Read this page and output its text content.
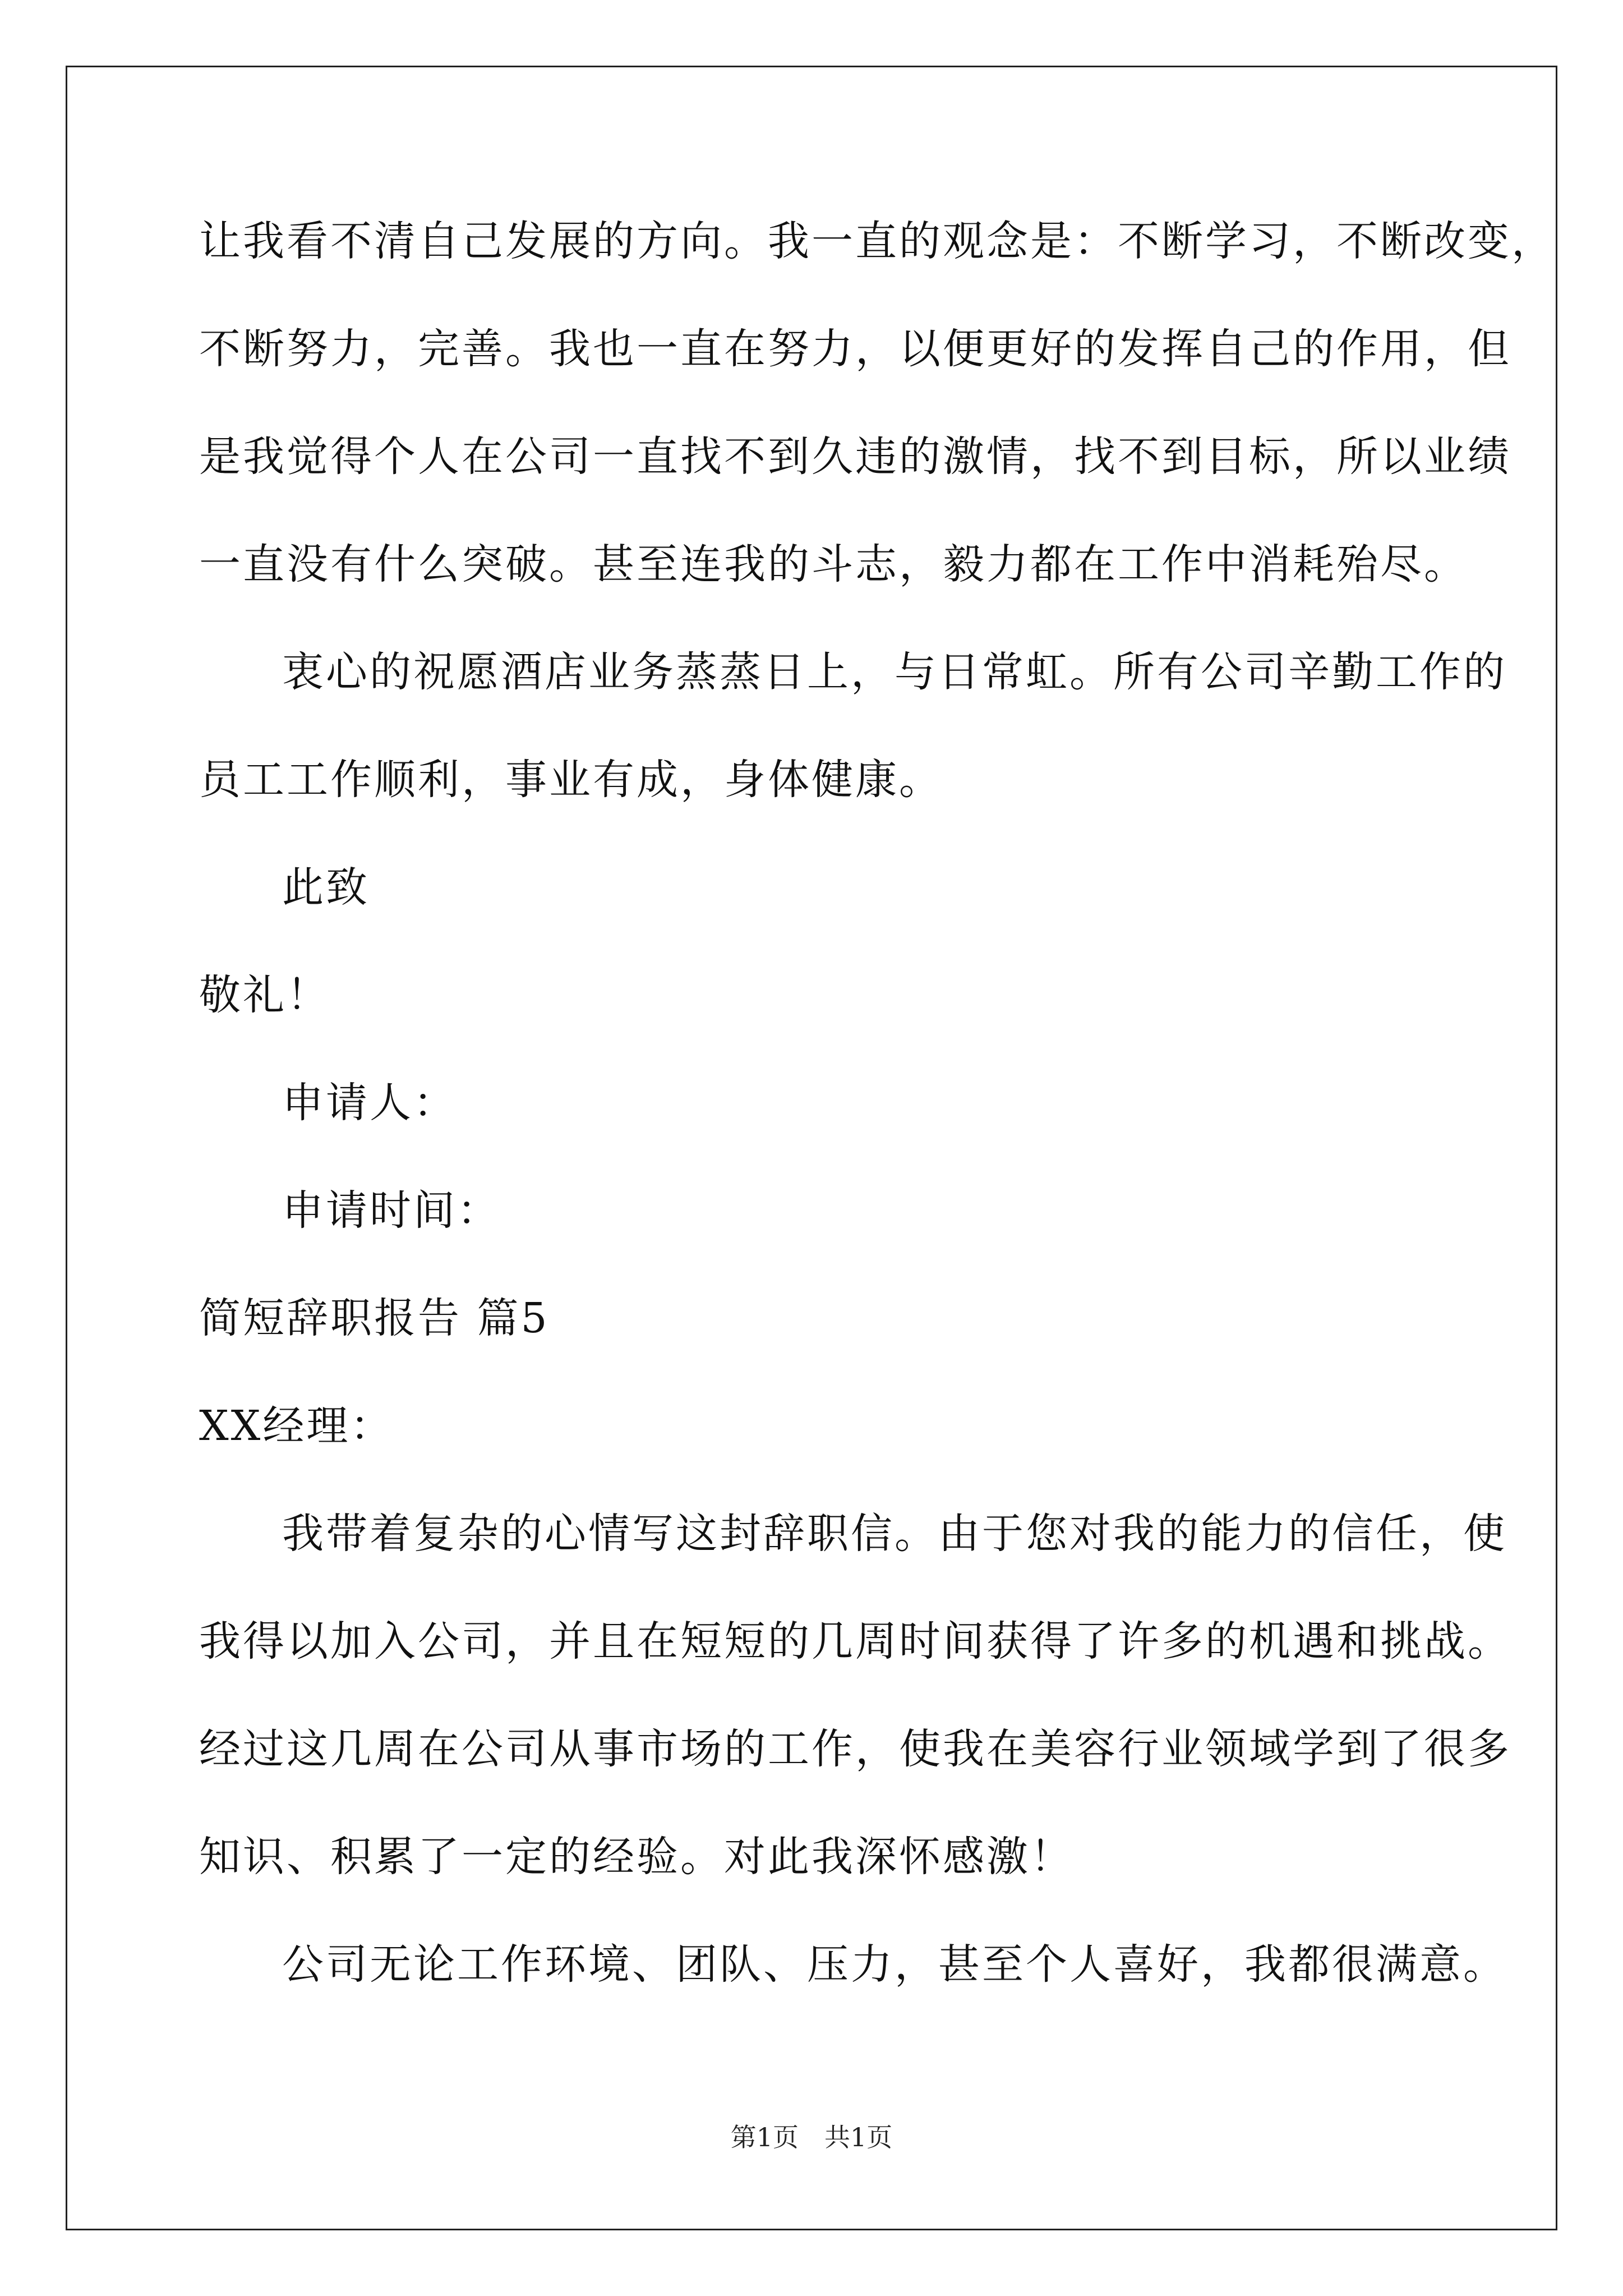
让我看不清自己发展的方向。我一直的观念是：不断学习，不断改变，
不断努力，完善。我也一直在努力，以便更好的发挥自己的作用，但
是我觉得个人在公司一直找不到久违的激情，找不到目标，所以业绩
一直没有什么突破。甚至连我的斗志，毅力都在工作中消耗殆尽。
衷心的祝愿酒店业务蒸蒸日上，与日常虹。所有公司辛勤工作的
员工工作顺利，事业有成，身体健康。
此致
敬礼！
申请人：
申请时间：
简短辞职报告 篇5
XX经理：
我带着复杂的心情写这封辞职信。由于您对我的能力的信任，使
我得以加入公司，并且在短短的几周时间获得了许多的机遇和挑战。
经过这几周在公司从事市场的工作，使我在美容行业领域学到了很多
知识、积累了一定的经验。对此我深怀感激！
公司无论工作环境、团队、压力，甚至个人喜好，我都很满意。
第1页　共1页
